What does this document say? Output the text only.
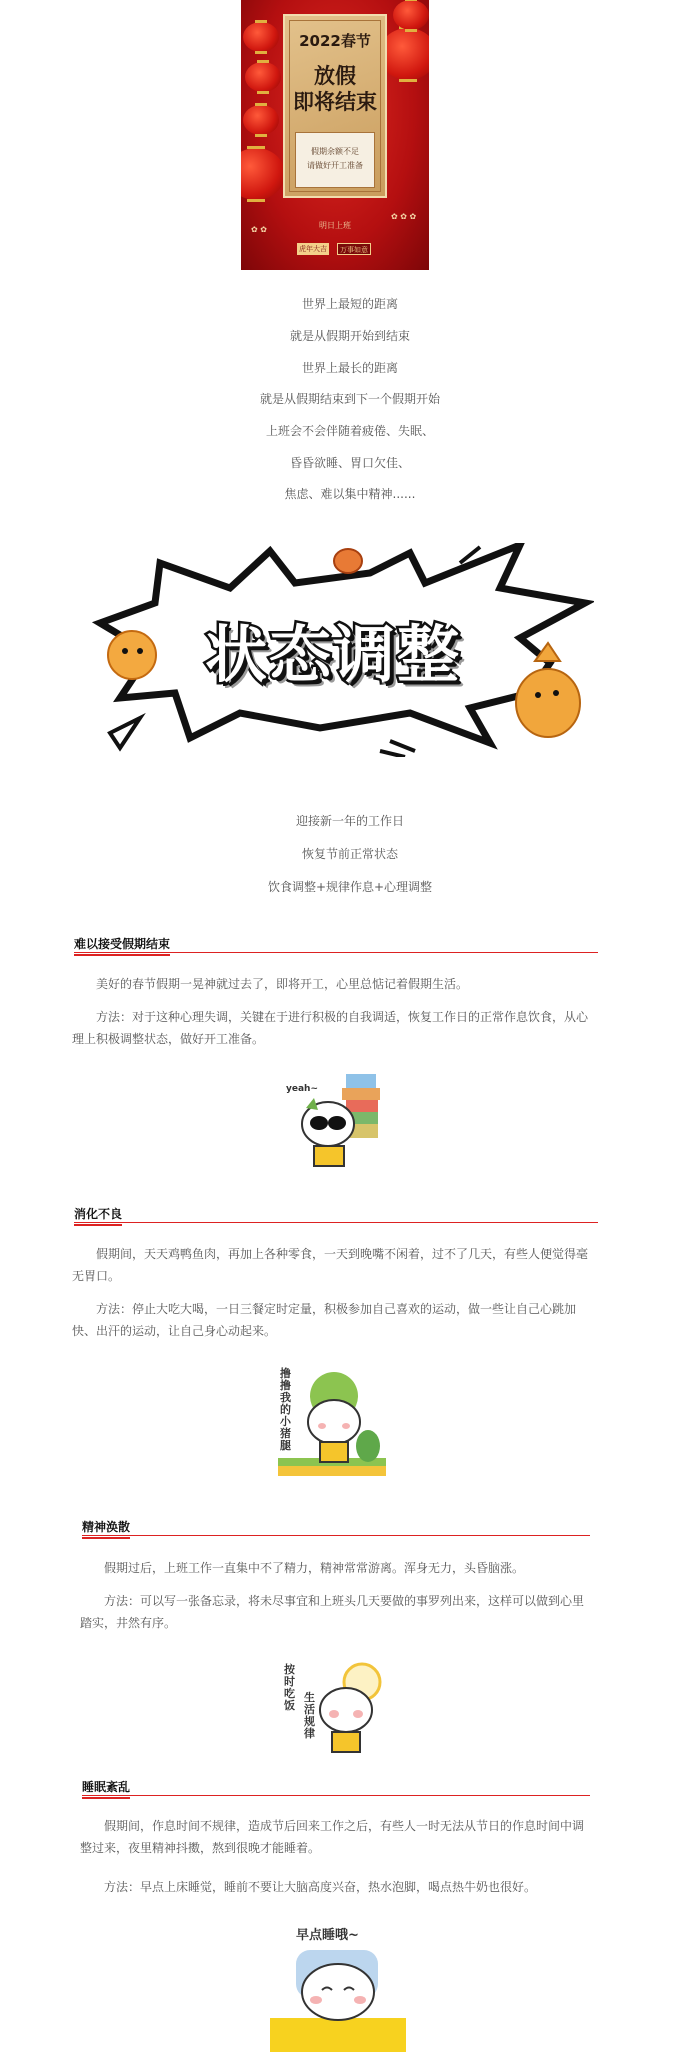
✿ ✿
✿ ✿ ✿
2022春节
放假
即将结束
假期余额不足
请做好开工准备
明日上班
虎年大吉	万事如意
世界上最短的距离
就是从假期开始到结束
世界上最长的距离
就是从假期结束到下一个假期开始
上班会不会伴随着疲倦、失眠、
昏昏欲睡、胃口欠佳、
焦虑、难以集中精神......
状态调整
迎接新一年的工作日
恢复节前正常状态
饮食调整+规律作息+心理调整
难以接受假期结束
美好的春节假期一晃神就过去了，即将开工，心里总惦记着假期生活。
方法：对于这种心理失调，关键在于进行积极的自我调适，恢复工作日的正常作息饮食，从心理上积极调整状态，做好开工准备。
yeah~
消化不良
假期间，天天鸡鸭鱼肉，再加上各种零食，一天到晚嘴不闲着，过不了几天，有些人便觉得毫无胃口。
方法：停止大吃大喝，一日三餐定时定量，积极参加自己喜欢的运动，做一些让自己心跳加快、出汗的运动，让自己身心动起来。
撸撸我的小猪腿
精神涣散
假期过后，上班工作一直集中不了精力，精神常常游离。浑身无力，头昏脑涨。
方法：可以写一张备忘录，将未尽事宜和上班头几天要做的事罗列出来，这样可以做到心里踏实，井然有序。
按时吃饭
生活规律
睡眠紊乱
假期间，作息时间不规律，造成节后回来工作之后，有些人一时无法从节日的作息时间中调整过来，夜里精神抖擞，熬到很晚才能睡着。
方法：早点上床睡觉，睡前不要让大脑高度兴奋，热水泡脚，喝点热牛奶也很好。
早点睡哦~
